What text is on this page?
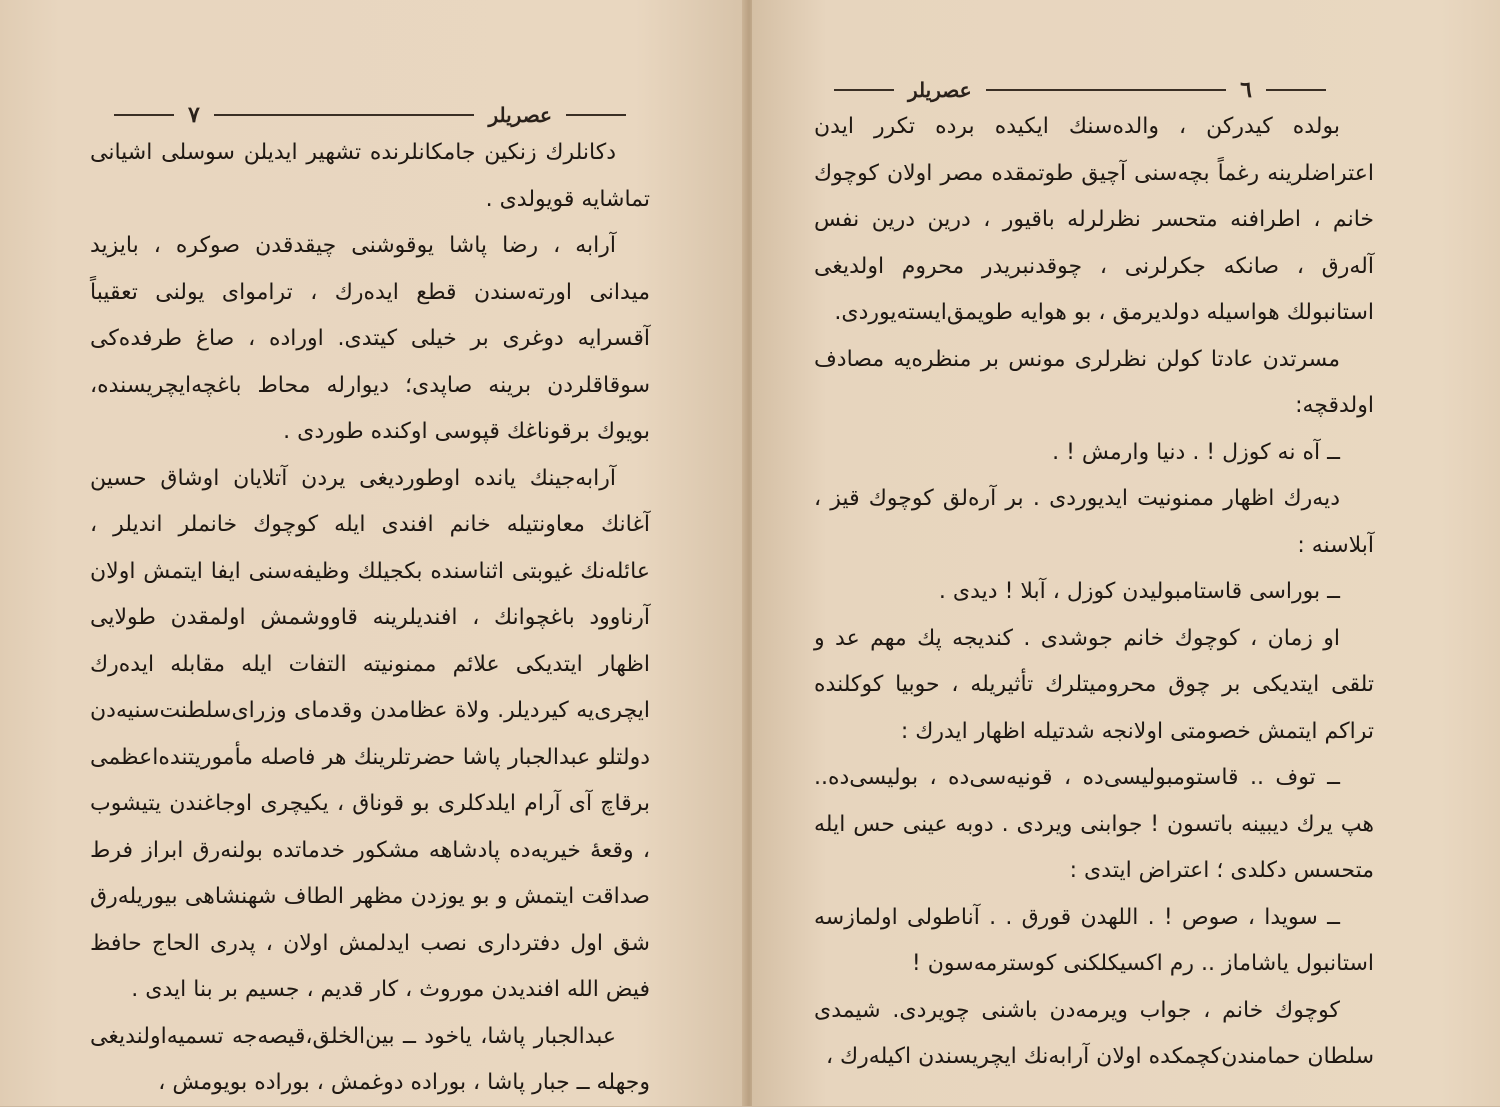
٧	عصريلر

دكانلرك زنكين جامكانلرنده تشهير ايديلن سوسلى اشيانى تماشايه قويولدى .

آرابه ، رضا پاشا يوقوشنى چيقدقدن صوكره ، بايزيد ميدانى اورته‌سندن قطع ايده‌رك ، ترامواى يولنى تعقيباً آقسرايه دوغرى بر خيلى كيتدى. اوراده ، صاغ طرفده‌كى سوقاقلردن برينه صاپدى؛ ديوارله محاط باغچه‌ايچريسنده، بويوك برقوناغك قپوسى اوكنده طوردى .

آرابه‌جينك يانده اوطورديغى يردن آتلايان اوشاق حسين آغانك معاونتيله خانم افندى ايله كوچوك خانملر انديلر ، عائله‌نك غيوبتى اثناسنده بكجيلك وظيفه‌سنى ايفا ايتمش اولان آرناوود باغچوانك ، افنديلرينه قاووشمش اولمقدن طولايى اظهار ايتديكى علائم ممنونيته التفات ايله مقابله ايده‌رك ايچرى‌يه كيرديلر. ولاة عظامدن وقدماى وزراى‌سلطنت‌سنيه‌دن دولتلو عبدالجبار پاشا حضرتلرينك هر فاصله مأموريتنده‌اعظمى برقاچ آى آرام ايلدكلرى بو قوناق ، يكيچرى اوجاغندن يتيشوب ، وقعهٔ خيريه‌ده پادشاهه مشكور خدماتده بولنه‌رق ابراز فرط صداقت ايتمش و بو يوزدن مظهر الطاف شهنشاهى بيوريله‌رق شق اول دفترداری نصب ايدلمش اولان ، پدرى الحاج حافظ فيض الله افنديدن موروث ، كار قديم ، جسيم بر بنا ايدى .

عبدالجبار پاشا، ياخود ــ بين‌الخلق،قيصه‌جه تسميه‌اولنديغى وجهله ــ جبار پاشا ، بوراده دوغمش ، بوراده بويومش ،

عصريلر	٦

بولده كيدركن ، والده‌سنك ايكيده برده تكرر ايدن اعتراضلرينه رغماً بچه‌سنى آچيق طوتمقده مصر اولان كوچوك خانم ، اطرافنه متحسر نظرلرله باقيور ، درين درين نفس آلەرق ، صانكه جكرلرنى ، چوقدنبريدر محروم اولديغى استانبولك هواسيله دولديرمق ، بو هوايه طويمق‌ايسته‌يوردى.

مسرتدن عادتا كولن نظرلرى مونس بر منظره‌يه مصادف اولدقچه:

ــ آه نه كوزل ! . دنيا وارمش ! .

ديه‌رك اظهار ممنونيت ايديوردى . بر آرەلق كوچوك قيز ، آبلاسنه :

ــ بوراسى قاستامبوليدن كوزل ، آبلا ! ديدى .

او زمان ، كوچوك خانم جوشدى . كنديجه پك مهم عد و تلقى ايتديكى بر چوق محروميتلرك تأثيريله ، حوبيا كوكلنده تراكم ايتمش خصومتى اولانجه شدتيله اظهار ايدرك :

ــ توف .. قاستومبوليسى‌ده ، قونيه‌سى‌ده ، بوليسى‌ده.. هپ يرك ديبينه باتسون ! جوابنى ويردى . دوبه عينى حس ايله متحسس دكلدى ؛ اعتراض ايتدى :

ــ سويدا ، صوص ! . اللهدن قورق . . آناطولى اولمازسه استانبول ياشاماز .. رم اكسيكلكنى كوسترمه‌سون !

كوچوك خانم ، جواب ويرمه‌دن باشنى چويردى. شيمدى سلطان حمامندن‌كچمكده اولان آرابه‌نك ايچريسندن اكيلەرك ،
